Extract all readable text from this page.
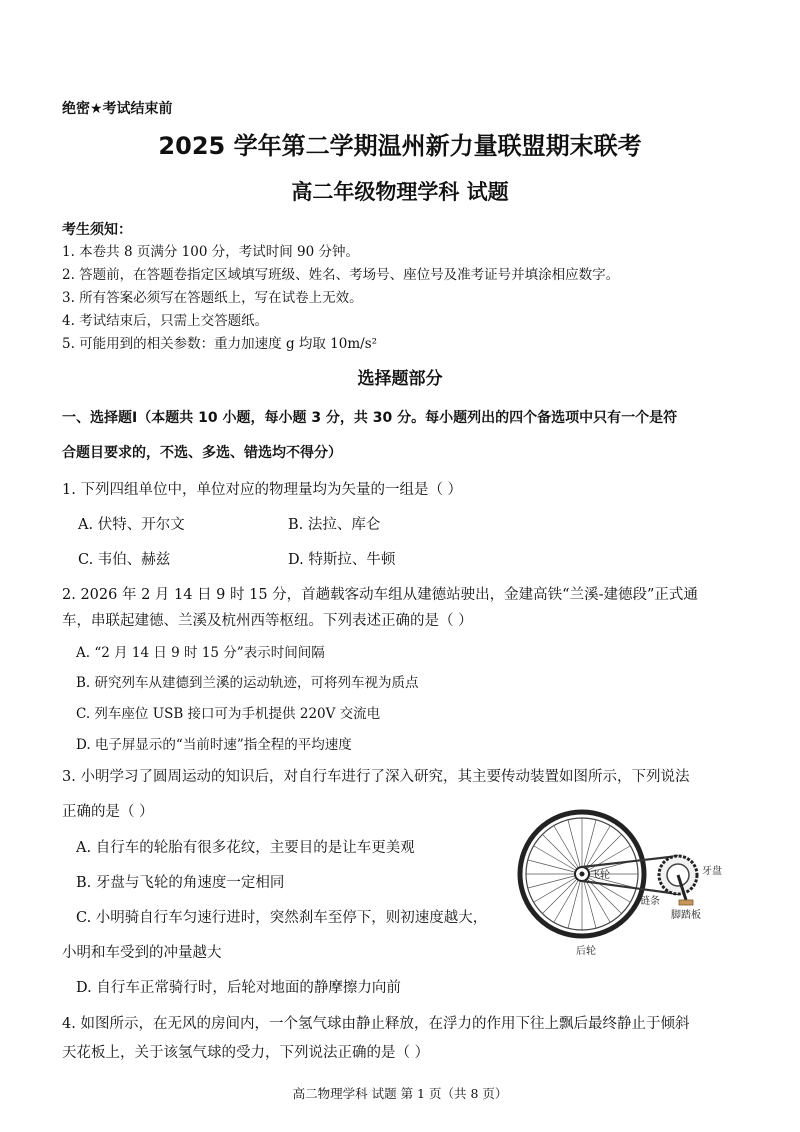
绝密★考试结束前
2025 学年第二学期温州新力量联盟期末联考
高二年级物理学科 试题
考生须知：
1. 本卷共 8 页满分 100 分，考试时间 90 分钟。
2. 答题前，在答题卷指定区域填写班级、姓名、考场号、座位号及准考证号并填涂相应数字。
3. 所有答案必须写在答题纸上，写在试卷上无效。
4. 考试结束后，只需上交答题纸。
5. 可能用到的相关参数：重力加速度 g 均取 10m/s²
选择题部分
一、选择题Ⅰ（本题共 10 小题，每小题 3 分，共 30 分。每小题列出的四个备选项中只有一个是符
合题目要求的，不选、多选、错选均不得分）
1. 下列四组单位中，单位对应的物理量均为矢量的一组是（ ）
A. 伏特、开尔文	B. 法拉、库仑
C. 韦伯、赫兹	D. 特斯拉、牛顿
2. 2026 年 2 月 14 日 9 时 15 分，首趟载客动车组从建德站驶出，金建高铁“兰溪-建德段”正式通
车，串联起建德、兰溪及杭州西等枢纽。下列表述正确的是（ ）
A. “2 月 14 日 9 时 15 分”表示时间间隔
B. 研究列车从建德到兰溪的运动轨迹，可将列车视为质点
C. 列车座位 USB 接口可为手机提供 220V 交流电
D. 电子屏显示的“当前时速”指全程的平均速度
3. 小明学习了圆周运动的知识后，对自行车进行了深入研究，其主要传动装置如图所示，下列说法
正确的是（ ）
A. 自行车的轮胎有很多花纹，主要目的是让车更美观
B. 牙盘与飞轮的角速度一定相同
C. 小明骑自行车匀速行进时，突然刹车至停下，则初速度越大，
小明和车受到的冲量越大
D. 自行车正常骑行时，后轮对地面的静摩擦力向前
飞轮	牙盘
链条
脚踏板
后轮
4. 如图所示，在无风的房间内，一个氢气球由静止释放，在浮力的作用下往上飘后最终静止于倾斜
天花板上，关于该氢气球的受力，下列说法正确的是（ ）
高二物理学科 试题 第 1 页（共 8 页）
